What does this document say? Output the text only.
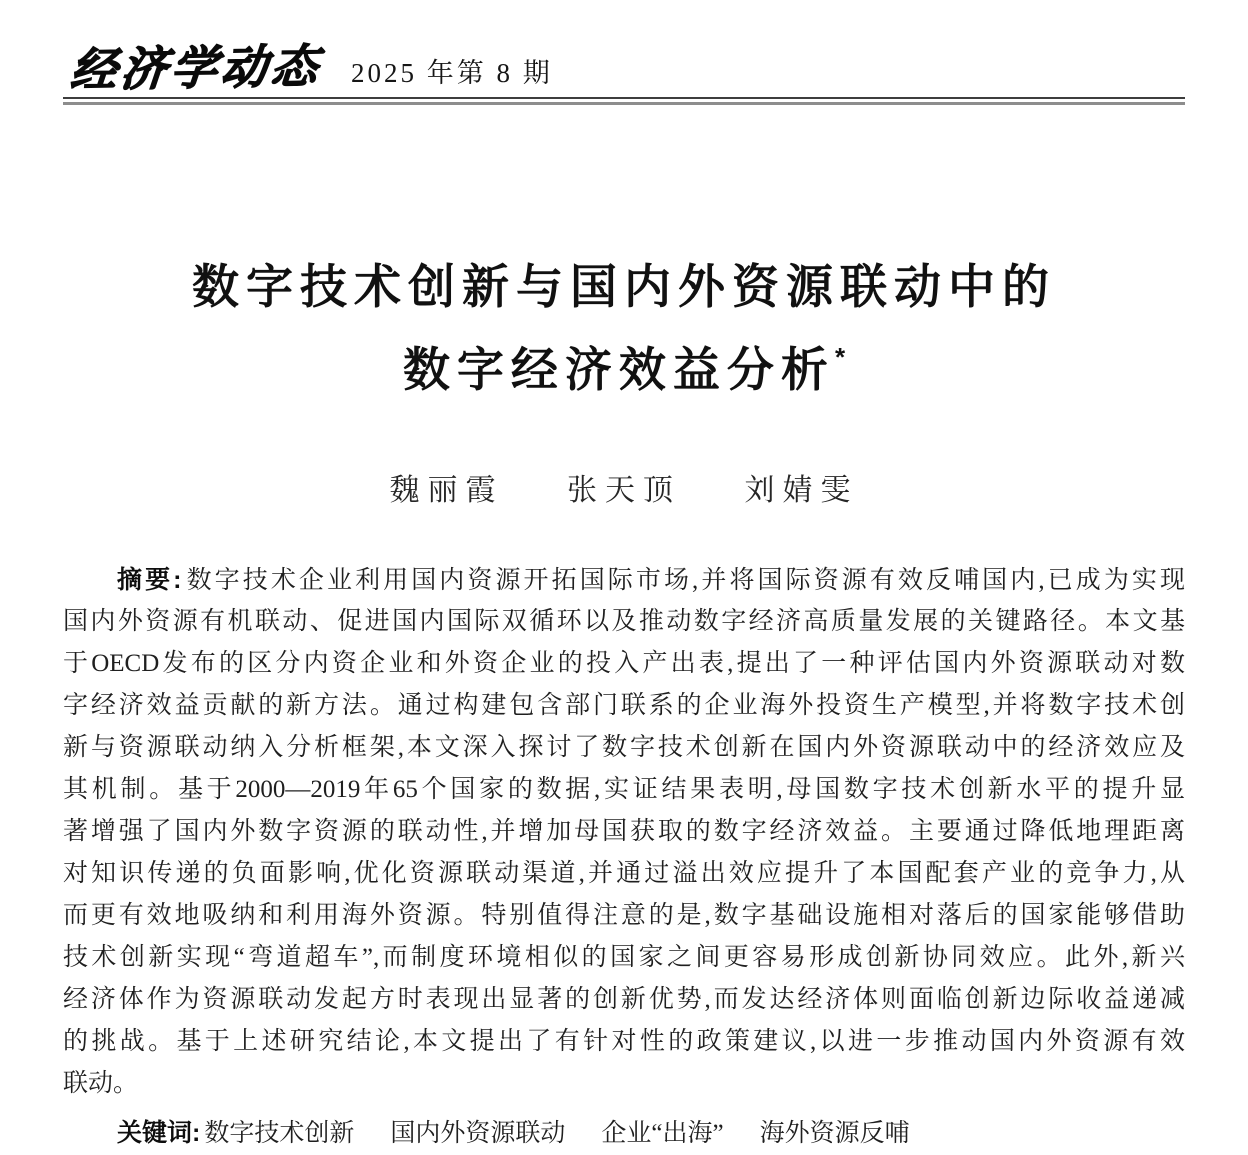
经济学动态 2025 年第 8 期
数字技术创新与国内外资源联动中的
数字经济效益分析*
魏丽霞 张天顶 刘婧雯
摘要:数字技术企业利用国内资源开拓国际市场,并将国际资源有效反哺国内,已成为实现
国内外资源有机联动、促进国内国际双循环以及推动数字经济高质量发展的关键路径。本文基
于OECD发布的区分内资企业和外资企业的投入产出表,提出了一种评估国内外资源联动对数
字经济效益贡献的新方法。通过构建包含部门联系的企业海外投资生产模型,并将数字技术创
新与资源联动纳入分析框架,本文深入探讨了数字技术创新在国内外资源联动中的经济效应及
其机制。基于2000—2019年65个国家的数据,实证结果表明,母国数字技术创新水平的提升显
著增强了国内外数字资源的联动性,并增加母国获取的数字经济效益。主要通过降低地理距离
对知识传递的负面影响,优化资源联动渠道,并通过溢出效应提升了本国配套产业的竞争力,从
而更有效地吸纳和利用海外资源。特别值得注意的是,数字基础设施相对落后的国家能够借助
技术创新实现“弯道超车”,而制度环境相似的国家之间更容易形成创新协同效应。此外,新兴
经济体作为资源联动发起方时表现出显著的创新优势,而发达经济体则面临创新边际收益递减
的挑战。基于上述研究结论,本文提出了有针对性的政策建议,以进一步推动国内外资源有效
联动。
关键词: 数字技术创新 国内外资源联动 企业“出海” 海外资源反哺
